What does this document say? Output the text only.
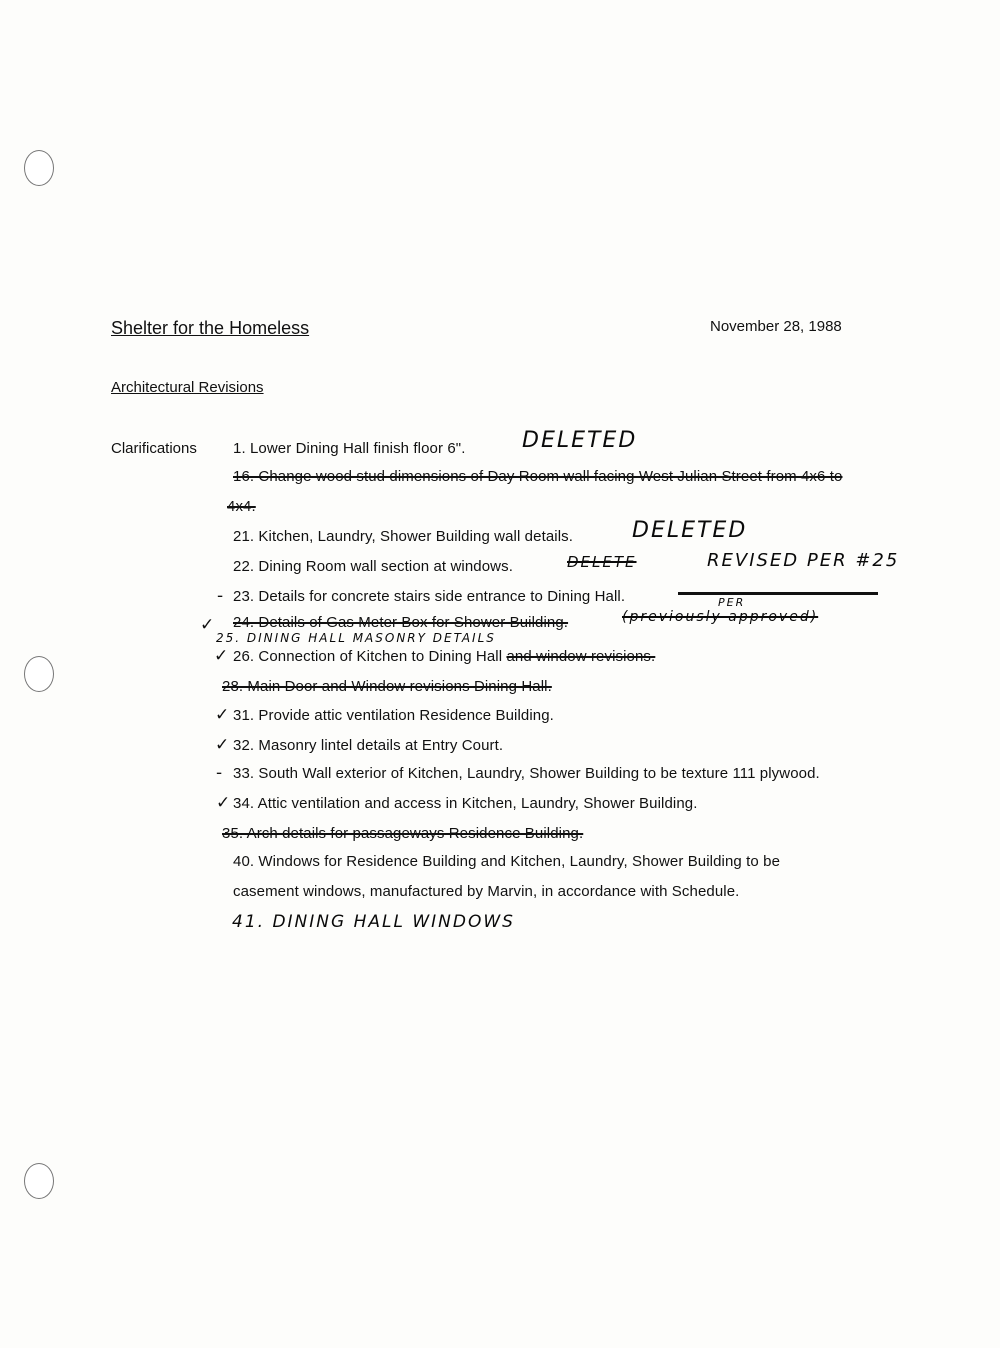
Shelter for the Homeless	November 28, 1988
Architectural Revisions
Clarifications 1. Lower Dining Hall finish floor 6".	DELETED
16. Change wood stud dimensions of Day Room wall facing West Julian Street from 4x6 to
4x4.
21. Kitchen, Laundry, Shower Building wall details.	DELETED
22. Dining Room wall section at windows.	DELETE	REVISED PER #25
- 23. Details for concrete stairs side entrance to Dining Hall.	PER
✓ 24. Details of Gas Meter Box for Shower Building.	(previously approved)
25. DINING HALL MASONRY DETAILS
✓ 26. Connection of Kitchen to Dining Hall and window revisions.
28. Main Door and Window revisions Dining Hall.
✓ 31. Provide attic ventilation Residence Building.
✓ 32. Masonry lintel details at Entry Court.
- 33. South Wall exterior of Kitchen, Laundry, Shower Building to be texture 111 plywood.
✓ 34. Attic ventilation and access in Kitchen, Laundry, Shower Building.
35. Arch details for passageways Residence Building.
40. Windows for Residence Building and Kitchen, Laundry, Shower Building to be
casement windows, manufactured by Marvin, in accordance with Schedule.
41. DINING HALL WINDOWS
